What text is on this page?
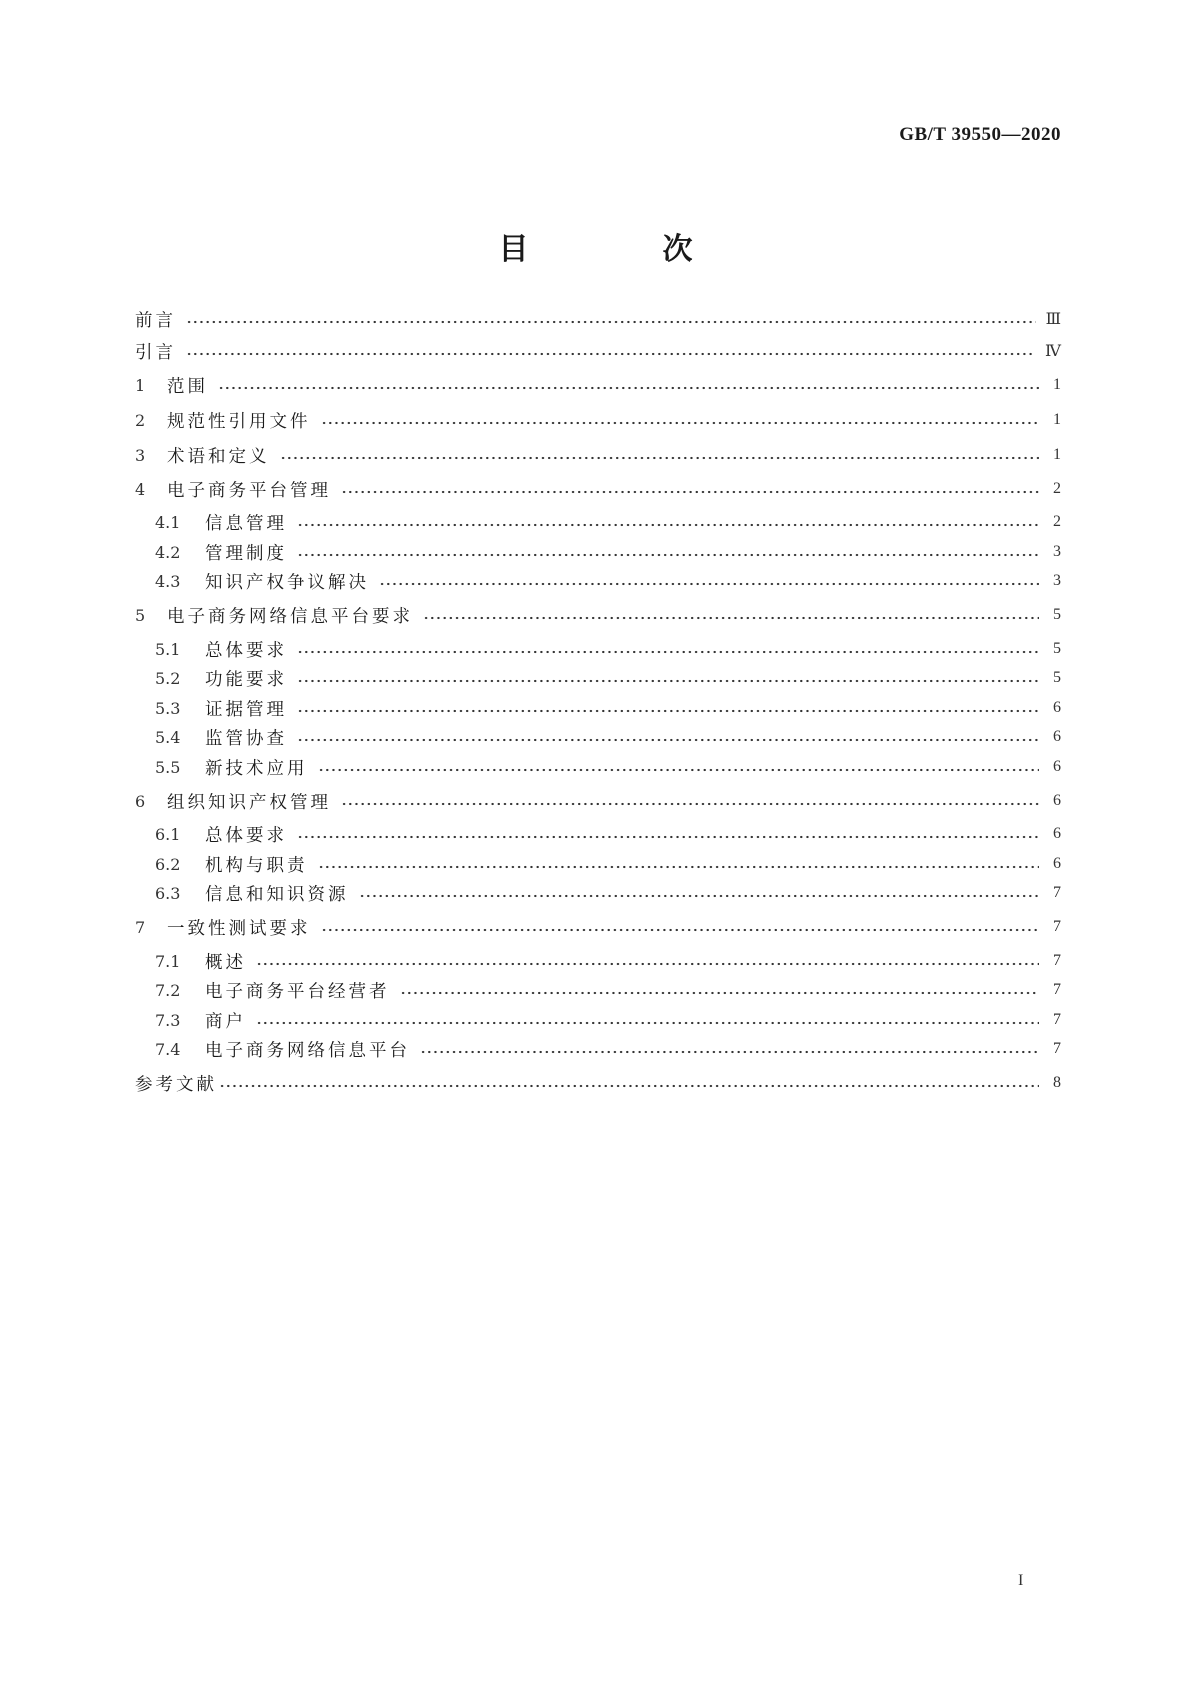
GB/T 39550—2020
目　次
前言	Ⅲ
引言	Ⅳ
1	范围	1
2	规范性引用文件	1
3	术语和定义	1
4	电子商务平台管理	2
4.1	信息管理	2
4.2	管理制度	3
4.3	知识产权争议解决	3
5	电子商务网络信息平台要求	5
5.1	总体要求	5
5.2	功能要求	5
5.3	证据管理	6
5.4	监管协查	6
5.5	新技术应用	6
6	组织知识产权管理	6
6.1	总体要求	6
6.2	机构与职责	6
6.3	信息和知识资源	7
7	一致性测试要求	7
7.1	概述	7
7.2	电子商务平台经营者	7
7.3	商户	7
7.4	电子商务网络信息平台	7
参考文献	8
I
